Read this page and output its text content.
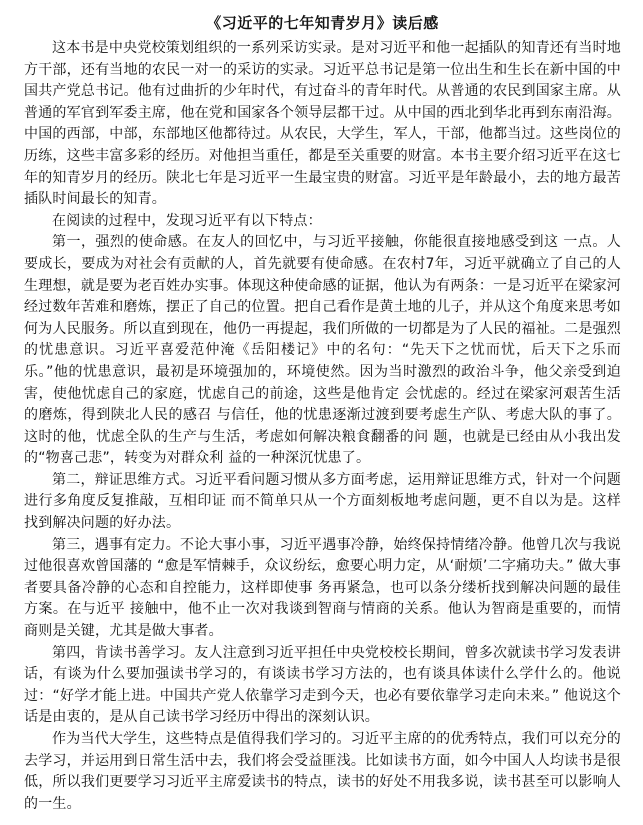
《习近平的七年知青岁月》读后感

这本书是中央党校策划组织的一系列采访实录。是对习近平和他一起插队的知青还有当时地方干部，还有当地的农民一对一的采访的实录。习近平总书记是第一位出生和生长在新中国的中国共产党总书记。他有过曲折的少年时代，有过奋斗的青年时代。从普通的农民到国家主席。从普通的军官到军委主席，他在党和国家各个领导层都干过。从中国的西北到华北再到东南沿海。中国的西部，中部，东部地区他都待过。从农民，大学生，军人，干部，他都当过。这些岗位的历练，这些丰富多彩的经历。对他担当重任，都是至关重要的财富。本书主要介绍习近平在这七年的知青岁月的经历。陕北七年是习近平一生最宝贵的财富。习近平是年龄最小，去的地方最苦插队时间最长的知青。

在阅读的过程中，发现习近平有以下特点：

第一，强烈的使命感。在友人的回忆中，与习近平接触，你能很直接地感受到这 一点。人要成长，要成为对社会有贡献的人，首先就要有使命感。在农村7年，习近平就确立了自己的人生理想，就是要为老百姓办实事。体现这种使命感的证据，他认为有两条：一是习近平在梁家河经过数年苦难和磨炼，摆正了自己的位置。把自己看作是黄土地的儿子，并从这个角度来思考如何为人民服务。所以直到现在，他仍一再提起，我们所做的一切都是为了人民的福祉。二是强烈的忧患意识。习近平喜爱范仲淹《岳阳楼记》中的名句：“先天下之忧而忧，后天下之乐而乐。”他的忧患意识，最初是环境强加的，环境使然。因为当时激烈的政治斗争，他父亲受到迫害，使他忧虑自己的家庭，忧虑自己的前途，这些是他肯定 会忧虑的。经过在梁家河艰苦生活的磨炼，得到陕北人民的感召 与信任，他的忧患逐渐过渡到要考虑生产队、考虑大队的事了。 这时的他，忧虑全队的生产与生活，考虑如何解决粮食翻番的问 题，也就是已经由从小我出发的“物喜己悲”，转变为对群众利 益的一种深沉忧患了。

第二，辩证思维方式。习近平看问题习惯从多方面考虑，运用辩证思维方式，针对一个问题进行多角度反复推敲，互相印证 而不简单只从一个方面刻板地考虑问题，更不自以为是。这样找到解决问题的好办法。

第三，遇事有定力。不论大事小事，习近平遇事冷静，始终保持情绪冷静。他曾几次与我说过他很喜欢曾国藩的 “愈是军情棘手，众议纷纭，愈要心明力定，从‘耐烦’二字痛功夫。” 做大事者要具备冷静的心态和自控能力，这样即使事 务再紧急，也可以条分缕析找到解决问题的最佳方案。在与近平 接触中，他不止一次对我谈到智商与情商的关系。他认为智商是重要的，而情商则是关键，尤其是做大事者。

第四，肯读书善学习。友人注意到习近平担任中央党校校长期间，曾多次就读书学习发表讲话，有谈为什么要加强读书学习的，有谈读书学习方法的，也有谈具体读什么学什么的。他说过：“好学才能上进。中国共产党人依靠学习走到今天，也必有要依靠学习走向未来。” 他说这个话是由衷的，是从自己读书学习经历中得出的深刻认识。

作为当代大学生，这些特点是值得我们学习的。习近平主席的的优秀特点，我们可以充分的去学习，并运用到日常生活中去，我们将会受益匪浅。比如读书方面，如今中国人人均读书是很低，所以我们更要学习习近平主席爱读书的特点，读书的好处不用我多说，读书甚至可以影响人的一生。
